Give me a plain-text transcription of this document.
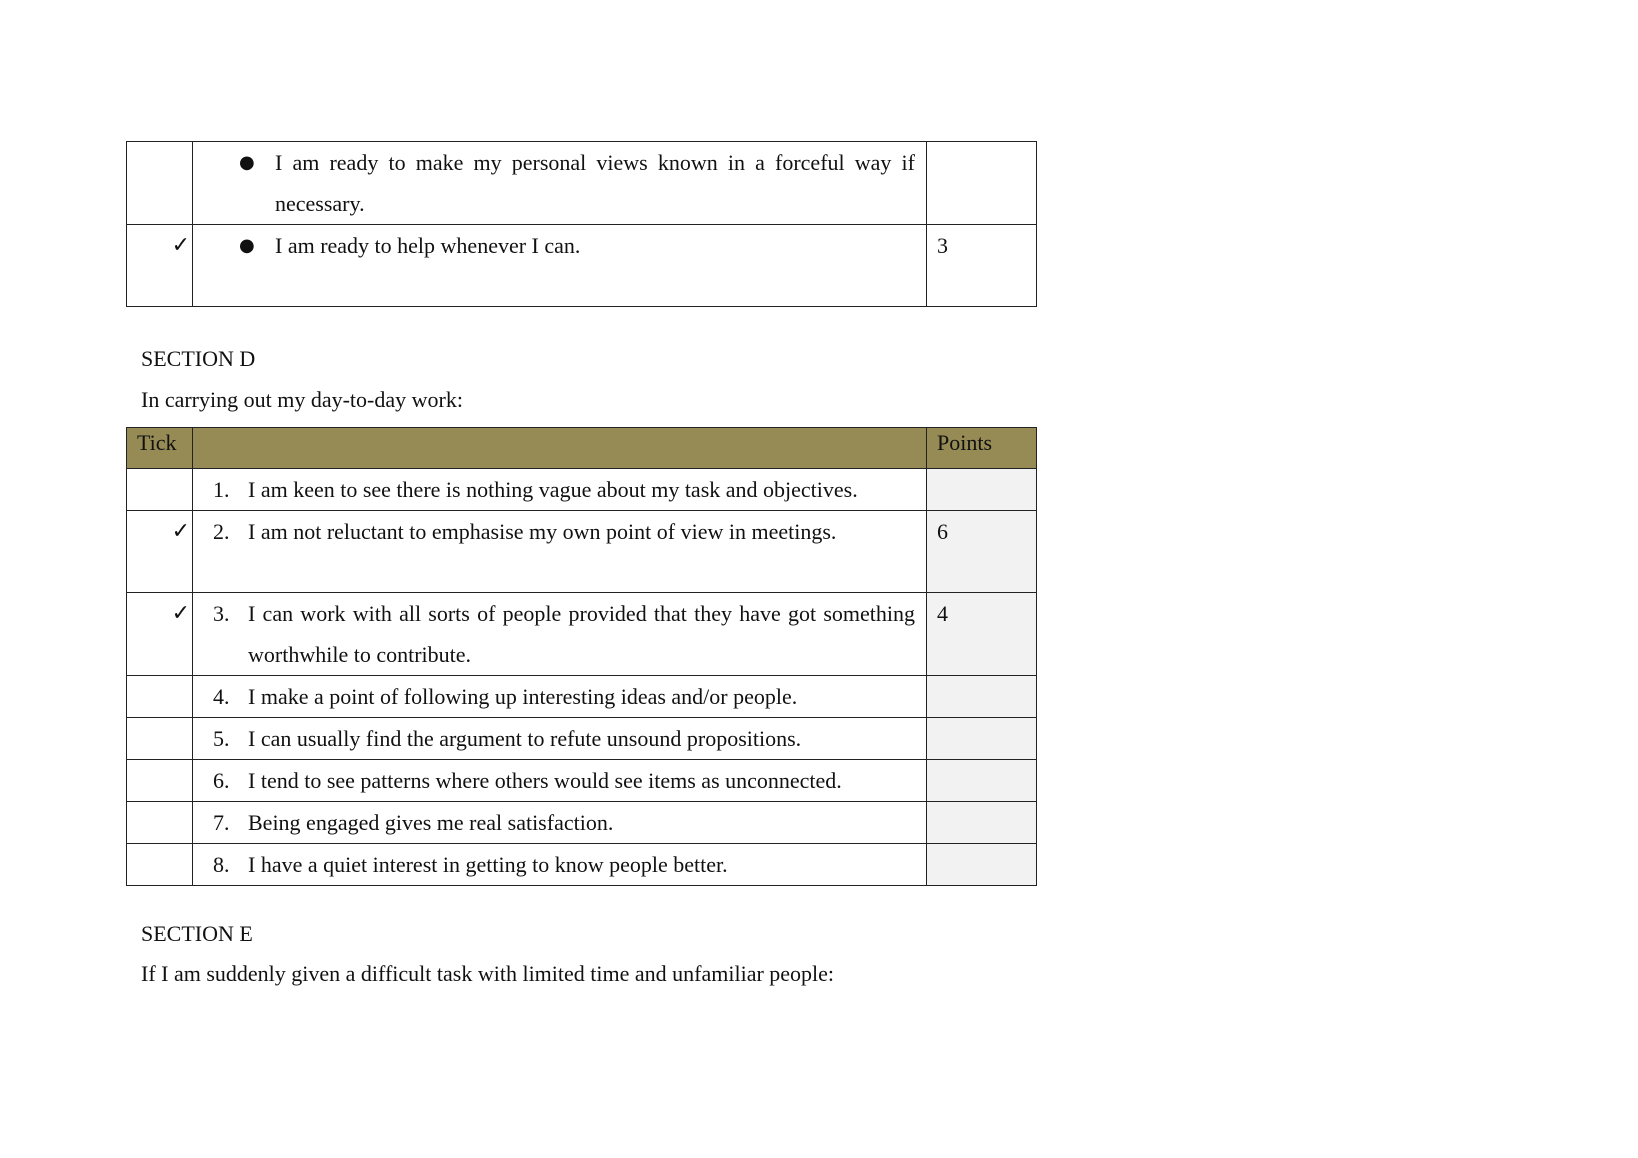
	● I am ready to make my personal views known in a forceful way if necessary.	

✓	● I am ready to help whenever I can.	3
SECTION D

In carrying out my day-to-day work:

Tick		Points

	1. I am keen to see there is nothing vague about my task and objectives.	

✓	2. I am not reluctant to emphasise my own point of view in meetings.	6
✓	3. I can work with all sorts of people provided that they have got something worthwhile to contribute.	4

	4. I make a point of following up interesting ideas and/or people.	

	5. I can usually find the argument to refute unsound propositions.	

	6. I tend to see patterns where others would see items as unconnected.	

	7. Being engaged gives me real satisfaction.	

	8. I have a quiet interest in getting to know people better.	

SECTION E

If I am suddenly given a difficult task with limited time and unfamiliar people:
